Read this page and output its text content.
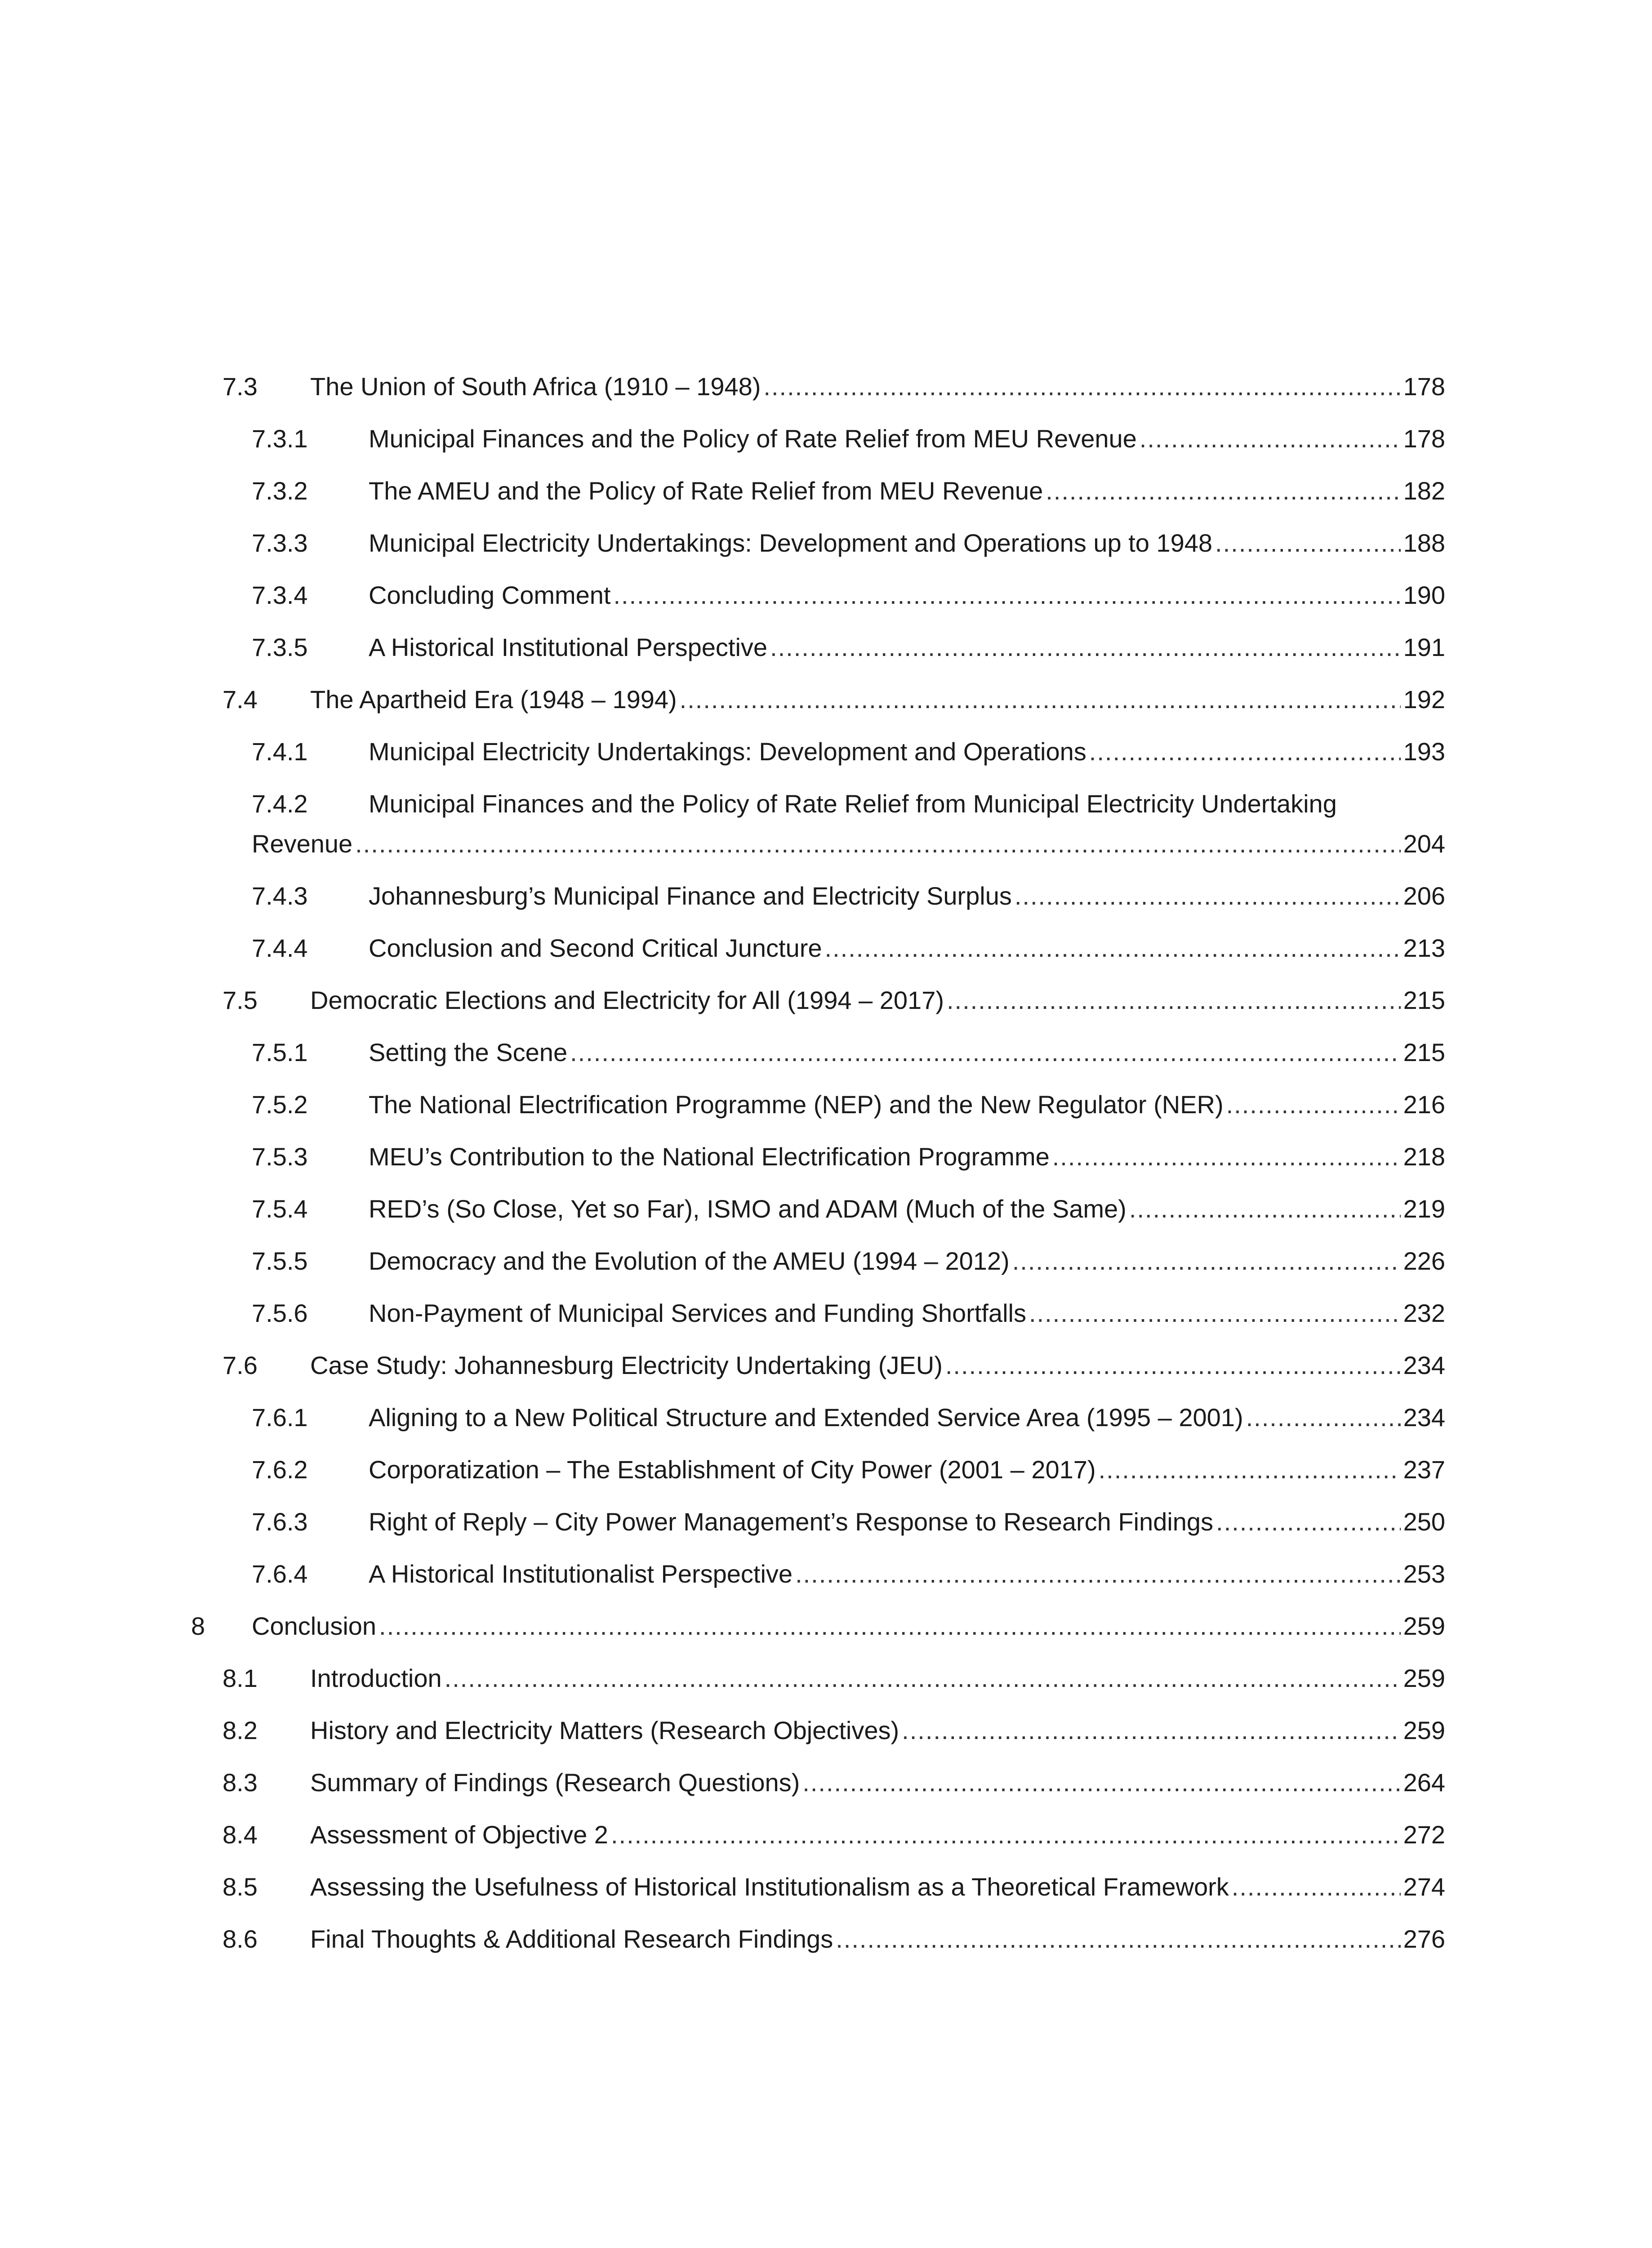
7.3 The Union of South Africa (1910 – 1948) .....	178
7.3.1 Municipal Finances and the Policy of Rate Relief from MEU Revenue .....	178
7.3.2 The AMEU and the Policy of Rate Relief from MEU Revenue .....	182
7.3.3 Municipal Electricity Undertakings: Development and Operations up to 1948 .....	188
7.3.4 Concluding Comment .....	190
7.3.5 A Historical Institutional Perspective .....	191
7.4 The Apartheid Era (1948 – 1994) .....	192
7.4.1 Municipal Electricity Undertakings: Development and Operations .....	193
7.4.2 Municipal Finances and the Policy of Rate Relief from Municipal Electricity Undertaking
Revenue .....	204
7.4.3 Johannesburg’s Municipal Finance and Electricity Surplus .....	206
7.4.4 Conclusion and Second Critical Juncture .....	213
7.5 Democratic Elections and Electricity for All (1994 – 2017) .....	215
7.5.1 Setting the Scene .....	215
7.5.2 The National Electrification Programme (NEP) and the New Regulator (NER) .....	216
7.5.3 MEU’s Contribution to the National Electrification Programme .....	218
7.5.4 RED’s (So Close, Yet so Far), ISMO and ADAM (Much of the Same) .....	219
7.5.5 Democracy and the Evolution of the AMEU (1994 – 2012) .....	226
7.5.6 Non-Payment of Municipal Services and Funding Shortfalls .....	232
7.6 Case Study: Johannesburg Electricity Undertaking (JEU) .....	234
7.6.1 Aligning to a New Political Structure and Extended Service Area (1995 – 2001) .....	234
7.6.2 Corporatization – The Establishment of City Power (2001 – 2017) .....	237
7.6.3 Right of Reply – City Power Management’s Response to Research Findings .....	250
7.6.4 A Historical Institutionalist Perspective .....	253
8 Conclusion .....	259
8.1 Introduction .....	259
8.2 History and Electricity Matters (Research Objectives) .....	259
8.3 Summary of Findings (Research Questions) .....	264
8.4 Assessment of Objective 2 .....	272
8.5 Assessing the Usefulness of Historical Institutionalism as a Theoretical Framework .....	274
8.6 Final Thoughts & Additional Research Findings .....	276
